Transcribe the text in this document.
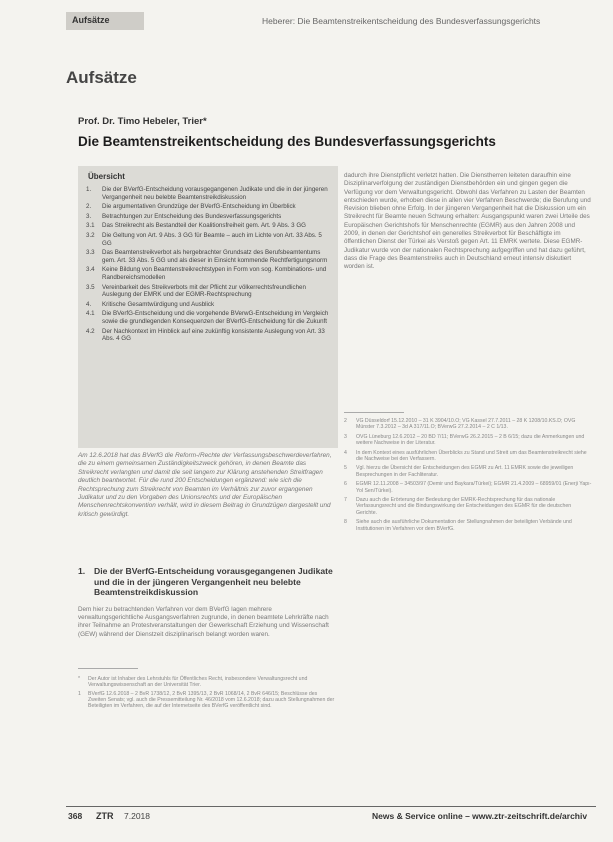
Aufsätze	Heberer: Die Beamtenstreikentscheidung des Bundesverfassungsgerichts
Aufsätze
Prof. Dr. Timo Hebeler, Trier*
Die Beamtenstreikentscheidung des Bundesverfassungsgerichts
Übersicht
1.	Die der BVerfG-Entscheidung vorausgegangenen Judikate und die in der jüngeren Vergangenheit neu belebte Beamtenstreikdiskussion
2.	Die argumentativen Grundzüge der BVerfG-Entscheidung im Überblick
3.	Betrachtungen zur Entscheidung des Bundesverfassungsgerichts
3.1	Das Streikrecht als Bestandteil der Koalitionsfreiheit gem. Art. 9 Abs. 3 GG
3.2	Die Geltung von Art. 9 Abs. 3 GG für Beamte – auch im Lichte von Art. 33 Abs. 5 GG
3.3	Das Beamtenstreikverbot als hergebrachter Grundsatz des Berufsbeamtentums gem. Art. 33 Abs. 5 GG und als dieser in Einsicht kommende Rechtfertigungsnorm
3.4	Keine Bildung von Beamtenstreikrechtstypen in Form von sog. Kombinations- und Randbereichsmodellen
3.5	Vereinbarkeit des Streikverbots mit der Pflicht zur völkerrechtsfreundlichen Auslegung der EMRK und der EGMR-Rechtsprechung
4.	Kritische Gesamtwürdigung und Ausblick
4.1	Die BVerfG-Entscheidung und die vorgehende BVerwG-Entscheidung im Vergleich sowie die grundlegenden Konsequenzen der BVerfG-Entscheidung für die Zukunft
4.2	Der Nachkontext im Hinblick auf eine zukünftig konsistente Auslegung von Art. 33 Abs. 4 GG

Am 12.6.2018 hat das BVerfG die Reform-/Rechte der Verfassungsbeschwerdeverfahren, die zu einem gemeinsamen Zuständigkeitszweck gehören, in denen Beamte das Streikrecht verlangten und damit die seit langem zur Klärung anstehenden Streitfragen deutlich beantwortet. Für die rund 200 Entscheidungen ergänzend: wie sich die Rechtsprechung zum Streikrecht von Beamten im Verhältnis zur zuvor ergangenen Judikatur und zu den Vorgaben des Unionsrechts und der Europäischen Menschenrechtskonvention verhält, wird in diesem Beitrag in Grundzügen dargestellt und kritisch gewürdigt.

1.	Die der BVerfG-Entscheidung vorausgegangenen Judikate und die in der jüngeren Vergangenheit neu belebte Beamtenstreikdiskussion

Dem hier zu betrachtenden Verfahren vor dem BVerfG lagen mehrere verwaltungsgerichtliche Ausgangsverfahren zugrunde, in denen beamtete Lehrkräfte nach ihrer Teilnahme an Protestveranstaltungen der Gewerkschaft Erziehung und Wissenschaft (GEW) während der Dienstzeit disziplinarisch belangt worden waren.

*	Der Autor ist Inhaber des Lehrstuhls für Öffentliches Recht, insbesondere Verwaltungsrecht und Verwaltungswissenschaft an der Universität Trier.
1	BVerfG 12.6.2018 – 2 BvR 1738/12, 2 BvR 1395/13, 2 BvR 1068/14, 2 BvR 646/15; Beschlüsse des Zweiten Senats; vgl. auch die Pressemitteilung Nr. 46/2018 vom 12.6.2018; dazu auch Stellungnahmen der Beteiligten im Verfahren, die auf der Internetseite des BVerfG veröffentlicht sind.

dadurch ihre Dienstpflicht verletzt hatten. Die Dienstherren leiteten daraufhin eine Disziplinarverfolgung der zuständigen Dienstbehörden ein und gingen gegen die Verfügung vor dem Verwaltungsgericht. Obwohl das Verfahren zu Lasten der Beamten entschieden wurde, erhoben diese in allen vier Verfahren Beschwerde; die Berufung und Revision blieben ohne Erfolg. In der jüngeren Vergangenheit hat die Diskussion um ein Streikrecht für Beamte neuen Schwung erhalten: Ausgangspunkt waren zwei Urteile des Europäischen Gerichtshofs für Menschenrechte (EGMR) aus den Jahren 2008 und 2009, in denen der Gerichtshof ein generelles Streikverbot für Beschäftigte im öffentlichen Dienst der Türkei als Verstoß gegen Art. 11 EMRK wertete. Diese EGMR-Judikatur wurde von der nationalen Rechtsprechung aufgegriffen und hat dazu geführt, dass die Frage des Beamtenstreiks auch in Deutschland erneut intensiv diskutiert worden ist.

2	VG Düsseldorf 15.12.2010 – 31 K 3904/10.O; VG Kassel 27.7.2011 – 28 K 1208/10.KS.D; OVG Münster 7.3.2012 – 3d A 317/11.O; BVerwG 27.2.2014 – 2 C 1/13.
3	OVG Lüneburg 12.6.2012 – 20 BD 7/11; BVerwG 26.2.2015 – 2 B 6/15; dazu die Anmerkungen und weitere Nachweise in der Literatur.
4	In dem Kontext eines ausführlichen Überblicks zu Stand und Streit um das Beamtenstreikrecht siehe die Nachweise bei den Verfassern.
5	Vgl. hierzu die Übersicht der Entscheidungen des EGMR zu Art. 11 EMRK sowie die jeweiligen Besprechungen in der Fachliteratur.
6	EGMR 12.11.2008 – 34503/97 (Demir und Baykara/Türkei); EGMR 21.4.2009 – 68959/01 (Enerji Yapı-Yol Sen/Türkei).
7	Dazu auch die Erörterung der Bedeutung der EMRK-Rechtsprechung für das nationale Verfassungsrecht und die Bindungswirkung der Entscheidungen des EGMR für die deutschen Gerichte.
8	Siehe auch die ausführliche Dokumentation der Stellungnahmen der beteiligten Verbände und Institutionen im Verfahren vor dem BVerfG.
368 ZTR 7.2018	News & Service online – www.ztr-zeitschrift.de/archiv
